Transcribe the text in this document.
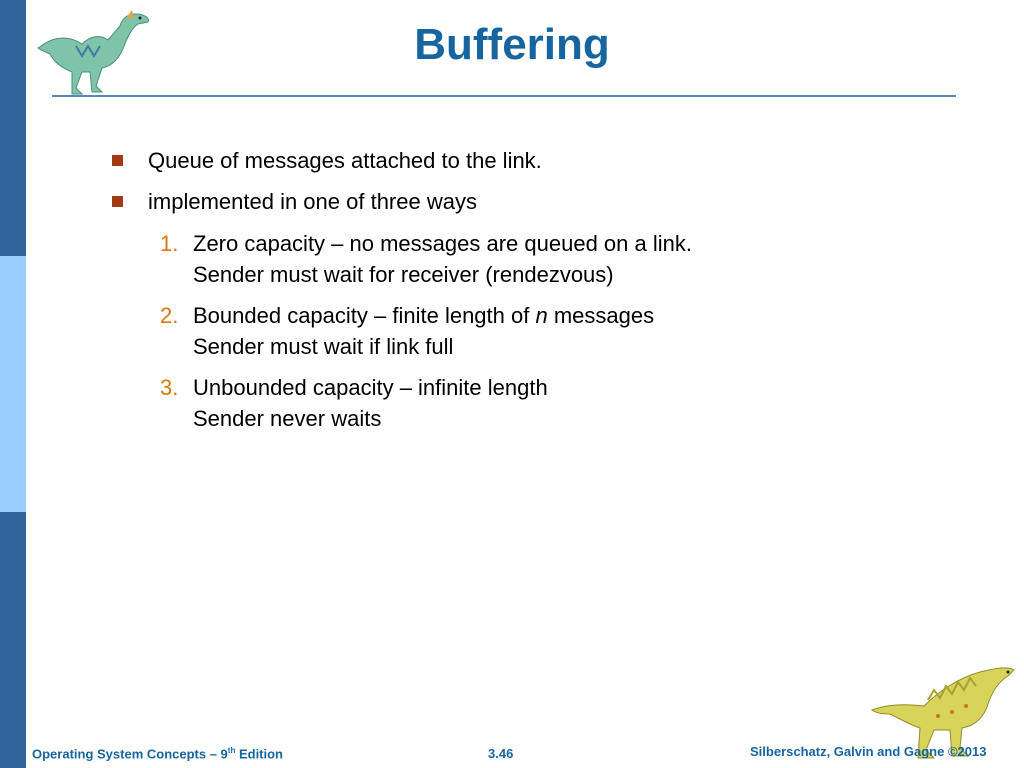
Buffering
Queue of messages attached to the link.
implemented in one of three ways
1. Zero capacity – no messages are queued on a link.
Sender must wait for receiver (rendezvous)
2. Bounded capacity – finite length of n messages
Sender must wait if link full
3. Unbounded capacity – infinite length
Sender never waits
Operating System Concepts – 9th Edition	3.46	Silberschatz, Galvin and Gagne ©2013
